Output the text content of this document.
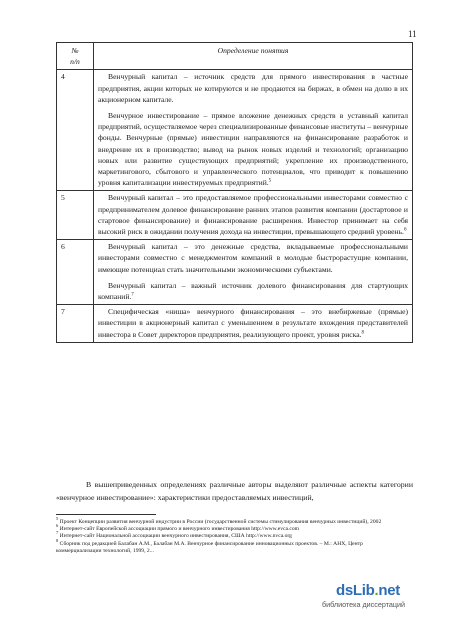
11
№
п/п	Определение понятия
4	Венчурный капитал – источник средств для прямого инвестирования в частные предприятия, акции которых не котируются и не продаются на биржах, в обмен на долю в их акционерном капитале.

Венчурное инвестирование – прямое вложение денежных средств в уставный капитал предприятий, осуществляемое через специализированные финансовые институты – венчурные фонды. Венчурные (прямые) инвестиции направляются на финансирование разработок и внедрение их в производство; вывод на рынок новых изделий и технологий; организацию новых или развитие существующих предприятий; укрепление их производственного, маркетингового, сбытового и управленческого потенциалов, что приводит к повышению уровня капитализации инвестируемых предприятий.$^5$

5	Венчурный капитал – это предоставляемое профессиональными инвесторами совместно с предпринимателем долевое финансирование ранних этапов развития компании (достартовое и стартовое финансирование) и финансирование расширения. Инвестор принимает на себя высокий риск в ожидании получения дохода на инвестиции, превышающего средний уровень.$^6$

6	Венчурный капитал – это денежные средства, вкладываемые профессиональными инвесторами совместно с менеджментом компаний в молодые быстрорастущие компании, имеющие потенциал стать значительными экономическими субъектами.

Венчурный капитал – важный источник долевого финансирования для стартующих компаний.$^7$

7	Специфическая «ниша» венчурного финансирования – это внебиржевые (прямые) инвестиции в акционерный капитал с уменьшением в результате вхождения представителей инвестора в Совет директоров предприятия, реализующего проект, уровня риска.$^8$

В вышеприведенных определениях различные авторы выделяют различные аспекты категории «венчурное инвестирование»: характеристики предоставляемых инвестиций,

$^5$ Проект Концепции развития венчурной индустрии в России (государственной системы стимулирования венчурных инвестиций), 2002

$^6$ Интернет-сайт Европейской ассоциации прямого и венчурного инвестирования http://www.evca.com

$^7$ Интернет-сайт Национальной ассоциации венчурного инвестирования, США http://www.nvca.org

$^8$ Сборник под редакцией Балабан А.М., Балабан М.А. Венчурное финансирование инновационных проектов. – М.: АНХ, Центр коммерциализации технологий, 1999, 2...

dsLib.net
библиотека диссертаций
